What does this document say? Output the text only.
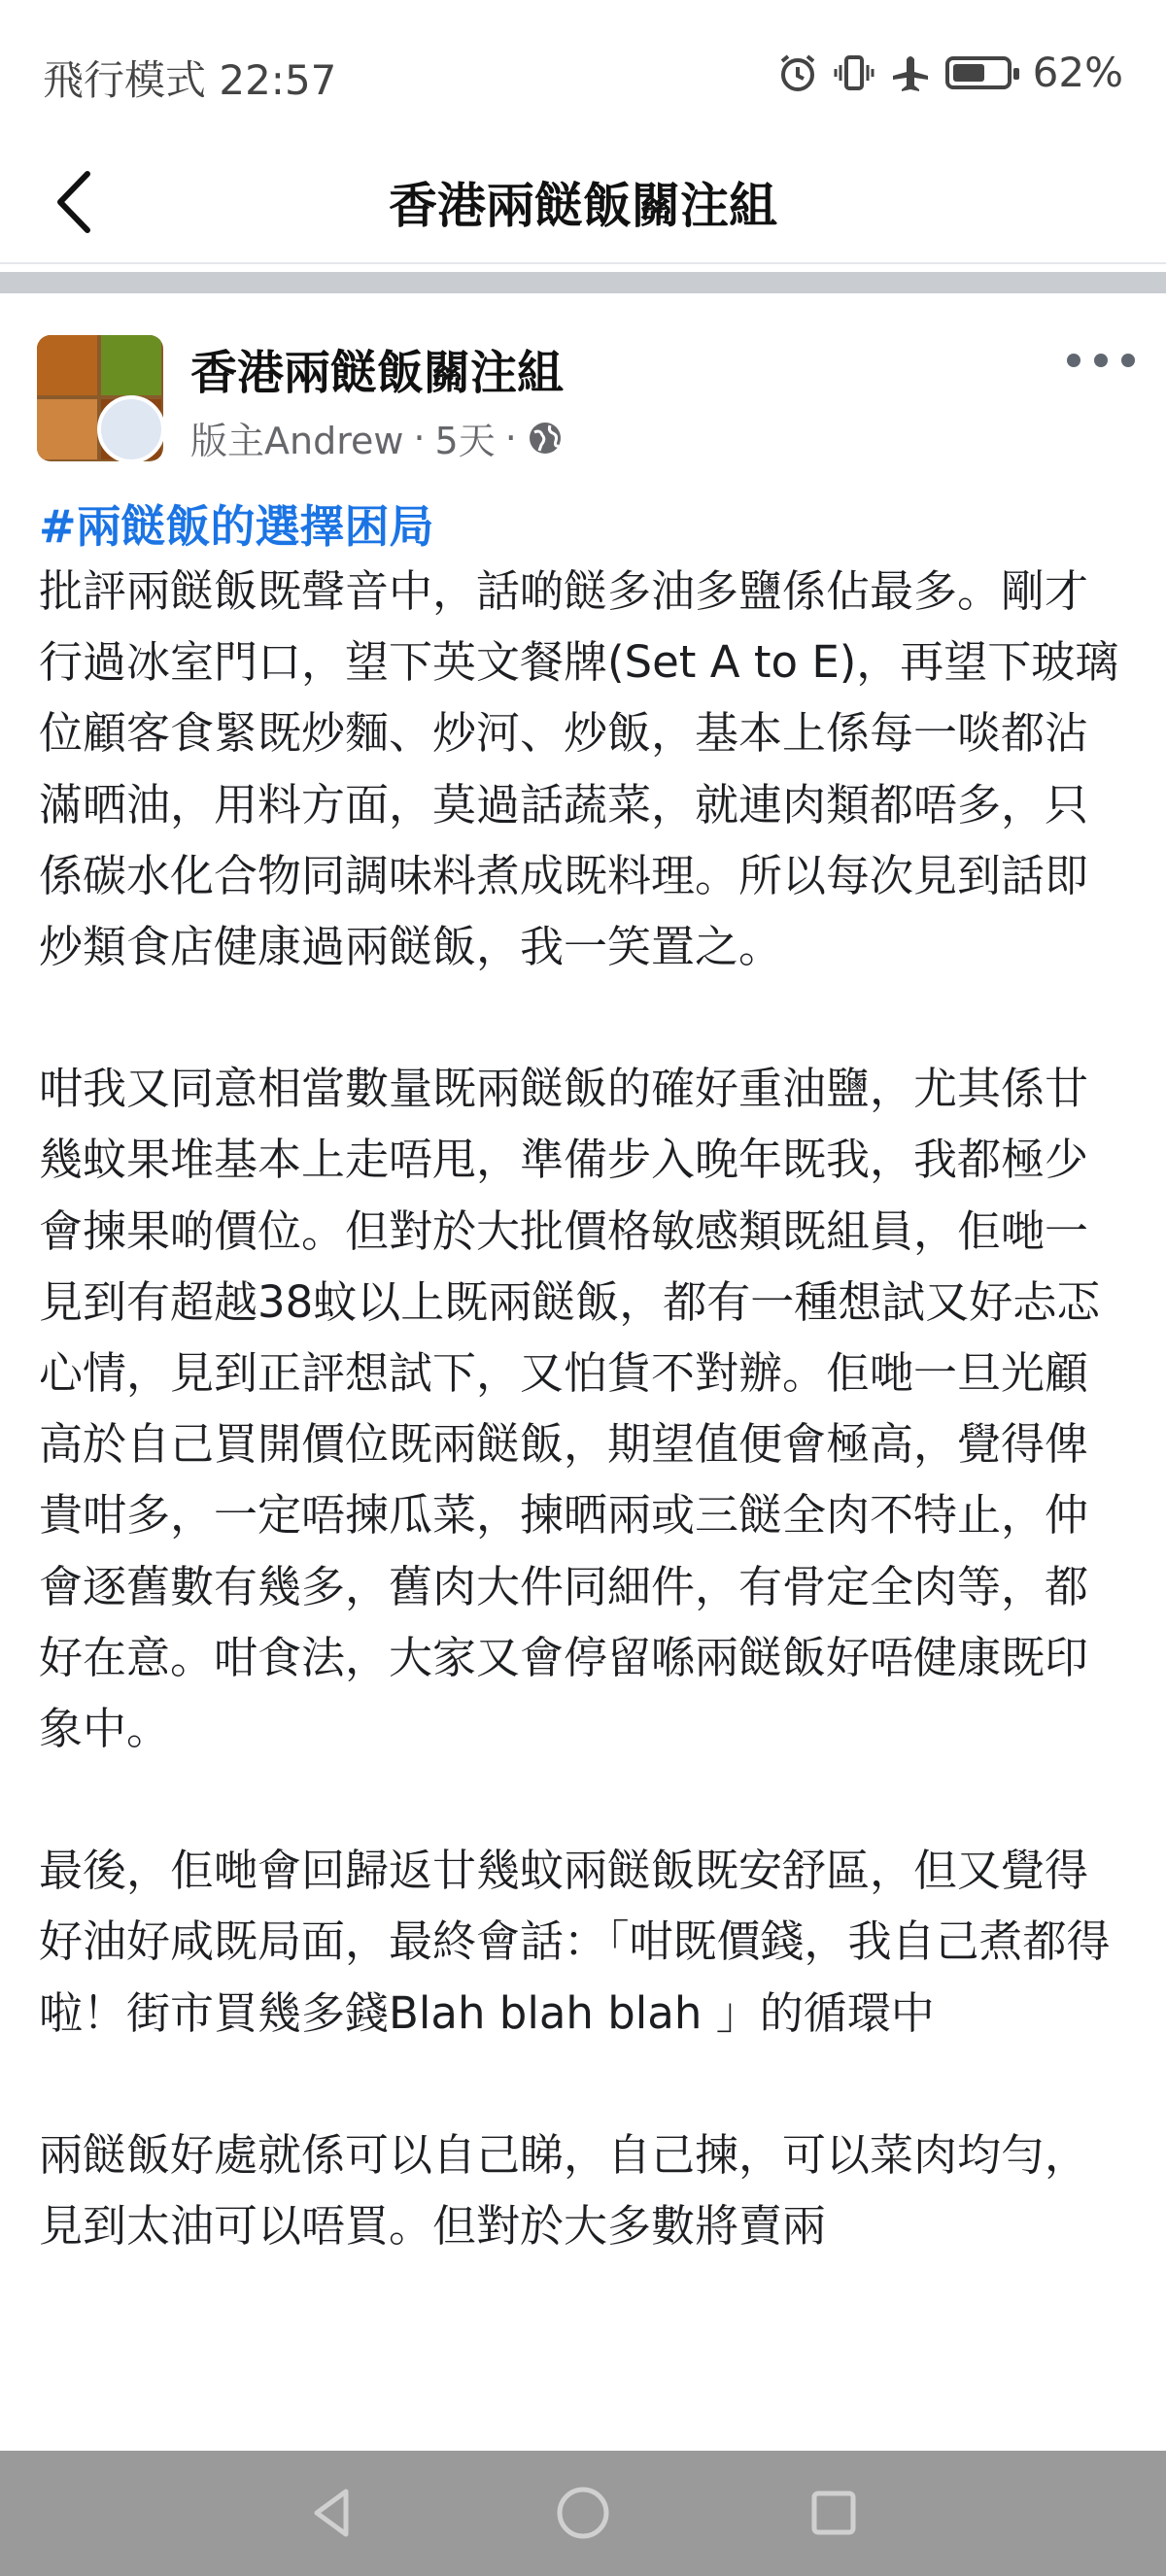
飛行模式 22:57	62%
香港兩餸飯關注組
香港兩餸飯關注組
版主Andrew · 5天 ·

#兩餸飯的選擇困局

批評兩餸飯既聲音中，話啲餸多油多鹽係佔最多。剛才行過冰室門口，望下英文餐牌(Set A to E)，再望下玻璃位顧客食緊既炒麵、炒河、炒飯，基本上係每一啖都沾滿晒油，用料方面，莫過話蔬菜，就連肉類都唔多，只係碳水化合物同調味料煮成既料理。所以每次見到話即炒類食店健康過兩餸飯，我一笑置之。

咁我又同意相當數量既兩餸飯的確好重油鹽，尤其係廿幾蚊果堆基本上走唔甩，準備步入晚年既我，我都極少會揀果啲價位。但對於大批價格敏感類既組員，佢哋一見到有超越38蚊以上既兩餸飯，都有一種想試又好忐忑心情，見到正評想試下，又怕貨不對辦。佢哋一旦光顧高於自己買開價位既兩餸飯，期望值便會極高，覺得俾貴咁多，一定唔揀瓜菜，揀晒兩或三餸全肉不特止，仲會逐舊數有幾多，舊肉大件同細件，有骨定全肉等，都好在意。咁食法，大家又會停留喺兩餸飯好唔健康既印象中。

最後，佢哋會回歸返廿幾蚊兩餸飯既安舒區，但又覺得好油好咸既局面，最終會話：「咁既價錢，我自己煮都得啦！街市買幾多錢Blah blah blah 」的循環中

兩餸飯好處就係可以自己睇，自己揀，可以菜肉均勻，見到太油可以唔買。但對於大多數將賣兩
